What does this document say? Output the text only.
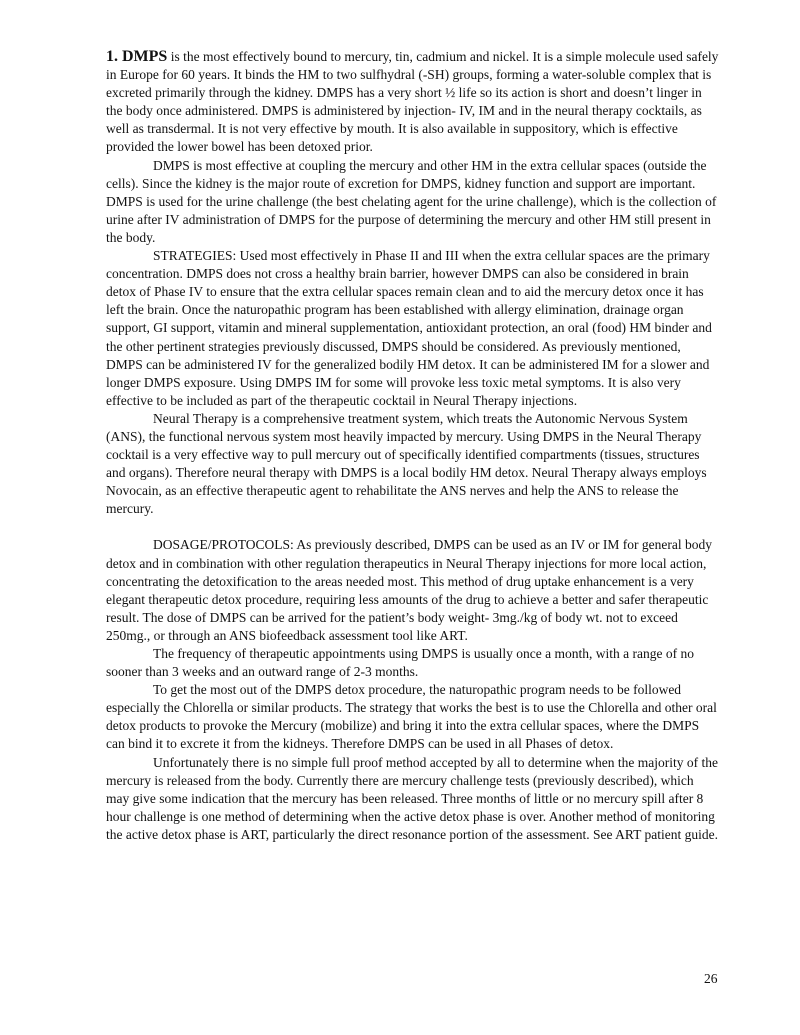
1. DMPS is the most effectively bound to mercury, tin, cadmium and nickel. It is a simple molecule used safely in Europe for 60 years. It binds the HM to two sulfhydral (-SH) groups, forming a water-soluble complex that is excreted primarily through the kidney. DMPS has a very short ½ life so its action is short and doesn’t linger in the body once administered. DMPS is administered by injection- IV, IM and in the neural therapy cocktails, as well as transdermal. It is not very effective by mouth. It is also available in suppository, which is effective provided the lower bowel has been detoxed prior.

DMPS is most effective at coupling the mercury and other HM in the extra cellular spaces (outside the cells). Since the kidney is the major route of excretion for DMPS, kidney function and support are important. DMPS is used for the urine challenge (the best chelating agent for the urine challenge), which is the collection of urine after IV administration of DMPS for the purpose of determining the mercury and other HM still present in the body.

STRATEGIES: Used most effectively in Phase II and III when the extra cellular spaces are the primary concentration. DMPS does not cross a healthy brain barrier, however DMPS can also be considered in brain detox of Phase IV to ensure that the extra cellular spaces remain clean and to aid the mercury detox once it has left the brain. Once the naturopathic program has been established with allergy elimination, drainage organ support, GI support, vitamin and mineral supplementation, antioxidant protection, an oral (food) HM binder and the other pertinent strategies previously discussed, DMPS should be considered. As previously mentioned, DMPS can be administered IV for the generalized bodily HM detox. It can be administered IM for a slower and longer DMPS exposure. Using DMPS IM for some will provoke less toxic metal symptoms. It is also very effective to be included as part of the therapeutic cocktail in Neural Therapy injections.

Neural Therapy is a comprehensive treatment system, which treats the Autonomic Nervous System (ANS), the functional nervous system most heavily impacted by mercury. Using DMPS in the Neural Therapy cocktail is a very effective way to pull mercury out of specifically identified compartments (tissues, structures and organs). Therefore neural therapy with DMPS is a local bodily HM detox. Neural Therapy always employs Novocain, as an effective therapeutic agent to rehabilitate the ANS nerves and help the ANS to release the mercury.

DOSAGE/PROTOCOLS: As previously described, DMPS can be used as an IV or IM for general body detox and in combination with other regulation therapeutics in Neural Therapy injections for more local action, concentrating the detoxification to the areas needed most. This method of drug uptake enhancement is a very elegant therapeutic detox procedure, requiring less amounts of the drug to achieve a better and safer therapeutic result. The dose of DMPS can be arrived for the patient’s body weight- 3mg./kg of body wt. not to exceed 250mg., or through an ANS biofeedback assessment tool like ART.

The frequency of therapeutic appointments using DMPS is usually once a month, with a range of no sooner than 3 weeks and an outward range of 2-3 months.

To get the most out of the DMPS detox procedure, the naturopathic program needs to be followed especially the Chlorella or similar products. The strategy that works the best is to use the Chlorella and other oral detox products to provoke the Mercury (mobilize) and bring it into the extra cellular spaces, where the DMPS can bind it to excrete it from the kidneys. Therefore DMPS can be used in all Phases of detox.

Unfortunately there is no simple full proof method accepted by all to determine when the majority of the mercury is released from the body. Currently there are mercury challenge tests (previously described), which may give some indication that the mercury has been released. Three months of little or no mercury spill after 8 hour challenge is one method of determining when the active detox phase is over. Another method of monitoring the active detox phase is ART, particularly the direct resonance portion of the assessment. See ART patient guide.

26
